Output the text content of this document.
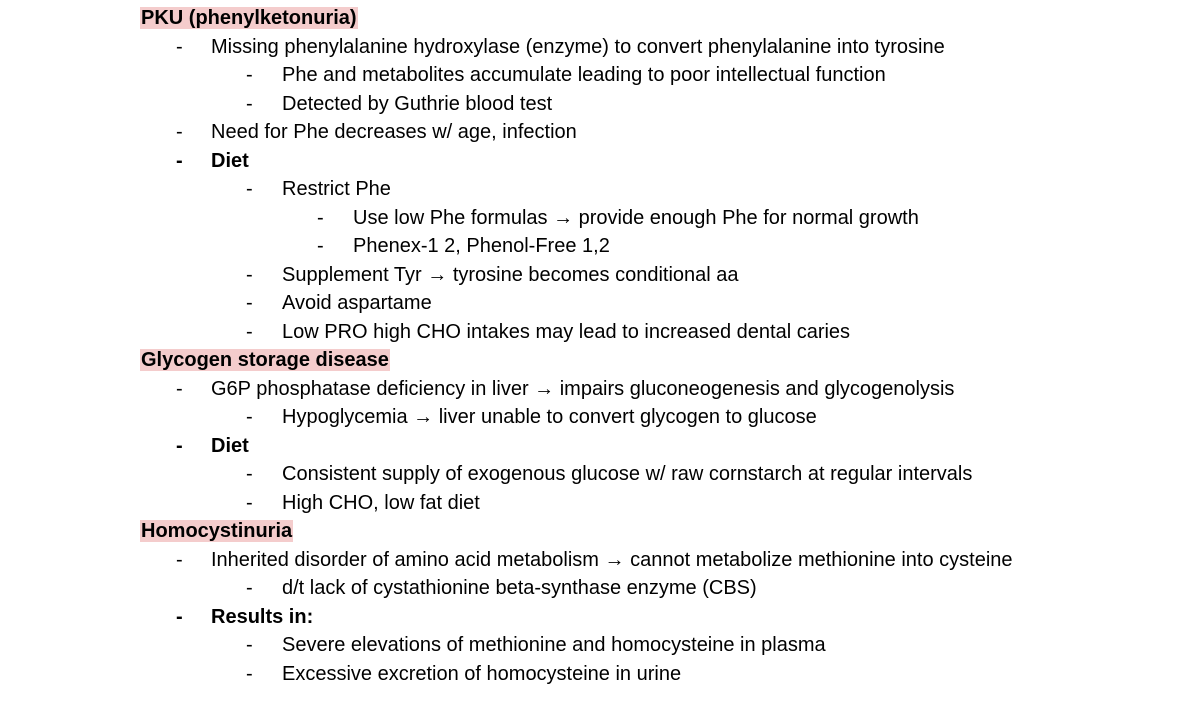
PKU (phenylketonuria)
-	Missing phenylalanine hydroxylase (enzyme) to convert phenylalanine into tyrosine
-	Phe and metabolites accumulate leading to poor intellectual function
-	Detected by Guthrie blood test
-	Need for Phe decreases w/ age, infection
-	Diet
-	Restrict Phe
-	Use low Phe formulas → provide enough Phe for normal growth
-	Phenex-1 2, Phenol-Free 1,2
-	Supplement Tyr → tyrosine becomes conditional aa
-	Avoid aspartame
-	Low PRO high CHO intakes may lead to increased dental caries
Glycogen storage disease
-	G6P phosphatase deficiency in liver → impairs gluconeogenesis and glycogenolysis
-	Hypoglycemia → liver unable to convert glycogen to glucose
-	Diet
-	Consistent supply of exogenous glucose w/ raw cornstarch at regular intervals
-	High CHO, low fat diet
Homocystinuria
-	Inherited disorder of amino acid metabolism → cannot metabolize methionine into cysteine
-	d/t lack of cystathionine beta-synthase enzyme (CBS)
-	Results in:
-	Severe elevations of methionine and homocysteine in plasma
-	Excessive excretion of homocysteine in urine
